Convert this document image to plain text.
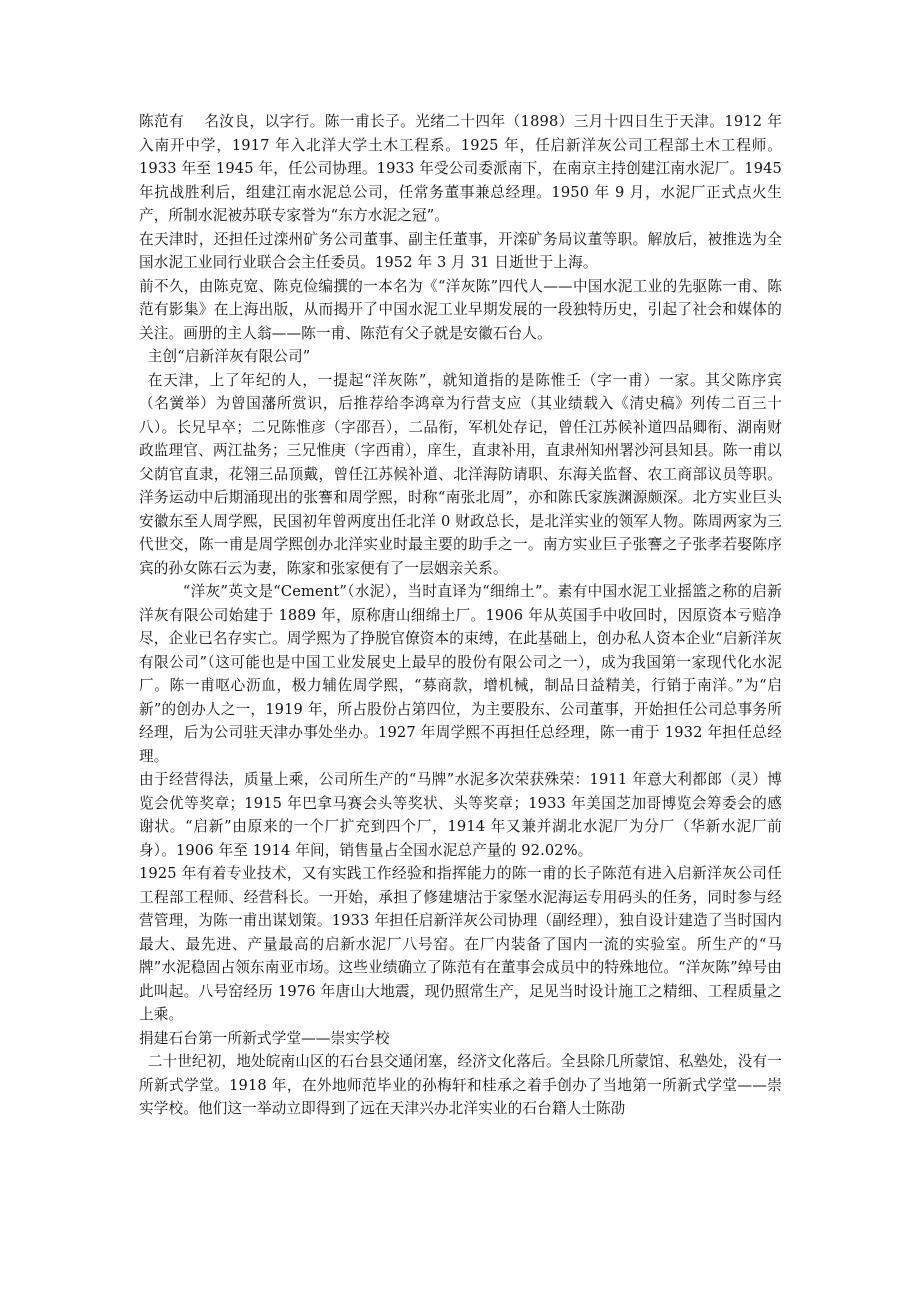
陈范有　 名汝良，以字行。陈一甫长子。光绪二十四年（1898）三月十四日生于天津。1912 年入南开中学，1917 年入北洋大学土木工程系。1925 年，任启新洋灰公司工程部土木工程师。1933 年至 1945 年，任公司协理。1933 年受公司委派南下，在南京主持创建江南水泥厂。1945 年抗战胜利后，组建江南水泥总公司，任常务董事兼总经理。1950 年 9 月，水泥厂正式点火生产，所制水泥被苏联专家誉为“东方水泥之冠”。

在天津时，还担任过滦州矿务公司董事、副主任董事，开滦矿务局议董等职。解放后，被推选为全国水泥工业同行业联合会主任委员。1952 年 3 月 31 日逝世于上海。

前不久，由陈克宽、陈克俭编撰的一本名为《“洋灰陈”四代人——中国水泥工业的先驱陈一甫、陈范有影集》在上海出版，从而揭开了中国水泥工业早期发展的一段独特历史，引起了社会和媒体的关注。画册的主人翁——陈一甫、陈范有父子就是安徽石台人。

主创“启新洋灰有限公司”

在天津，上了年纪的人，一提起“洋灰陈”，就知道指的是陈惟壬（字一甫）一家。其父陈序宾（名黉举）为曾国藩所赏识，后推荐给李鸿章为行营支应（其业绩载入《清史稿》列传二百三十八）。长兄早卒；二兄陈惟彦（字邵吾），二品衔，军机处存记，曾任江苏候补道四品卿衔、湖南财政监理官、两江盐务；三兄惟庚（字西甫），庠生，直隶补用，直隶州知州署沙河县知县。陈一甫以父荫官直隶，花翎三品顶戴，曾任江苏候补道、北洋海防请职、东海关监督、农工商部议员等职。洋务运动中后期涌现出的张謇和周学熙，时称“南张北周”，亦和陈氏家族渊源颇深。北方实业巨头安徽东至人周学熙，民国初年曾两度出任北洋 0 财政总长，是北洋实业的领军人物。陈周两家为三代世交，陈一甫是周学熙创办北洋实业时最主要的助手之一。南方实业巨子张謇之子张孝若娶陈序宾的孙女陈石云为妻，陈家和张家便有了一层姻亲关系。

“洋灰”英文是“Cement”（水泥），当时直译为“细绵土”。素有中国水泥工业摇篮之称的启新洋灰有限公司始建于 1889 年，原称唐山细绵土厂。1906 年从英国手中收回时，因原资本亏赔净尽，企业已名存实亡。周学熙为了挣脱官僚资本的束缚，在此基础上，创办私人资本企业“启新洋灰有限公司”（这可能也是中国工业发展史上最早的股份有限公司之一），成为我国第一家现代化水泥厂。陈一甫呕心沥血，极力辅佐周学熙，“募商款，增机械，制品日益精美，行销于南洋。”为“启新”的创办人之一，1919 年，所占股份占第四位，为主要股东、公司董事，开始担任公司总事务所经理，后为公司驻天津办事处坐办。1927 年周学熙不再担任总经理，陈一甫于 1932 年担任总经理。

由于经营得法，质量上乘，公司所生产的“马牌”水泥多次荣获殊荣：1911 年意大利都郎（灵）博览会优等奖章；1915 年巴拿马赛会头等奖状、头等奖章；1933 年美国芝加哥博览会筹委会的感谢状。“启新”由原来的一个厂扩充到四个厂，1914 年又兼并湖北水泥厂为分厂（华新水泥厂前身）。1906 年至 1914 年间，销售量占全国水泥总产量的 92.02%。

1925 年有着专业技术，又有实践工作经验和指挥能力的陈一甫的长子陈范有进入启新洋灰公司任工程部工程师、经营科长。一开始，承担了修建塘沽于家堡水泥海运专用码头的任务，同时参与经营管理，为陈一甫出谋划策。1933 年担任启新洋灰公司协理（副经理），独自设计建造了当时国内最大、最先进、产量最高的启新水泥厂八号窑。在厂内装备了国内一流的实验室。所生产的“马牌”水泥稳固占领东南亚市场。这些业绩确立了陈范有在董事会成员中的特殊地位。“洋灰陈”绰号由此叫起。八号窑经历 1976 年唐山大地震，现仍照常生产，足见当时设计施工之精细、工程质量之上乘。

捐建石台第一所新式学堂——崇实学校

二十世纪初，地处皖南山区的石台县交通闭塞，经济文化落后。全县除几所蒙馆、私塾处，没有一所新式学堂。1918 年，在外地师范毕业的孙梅轩和桂承之着手创办了当地第一所新式学堂——崇实学校。他们这一举动立即得到了远在天津兴办北洋实业的石台籍人士陈劭
